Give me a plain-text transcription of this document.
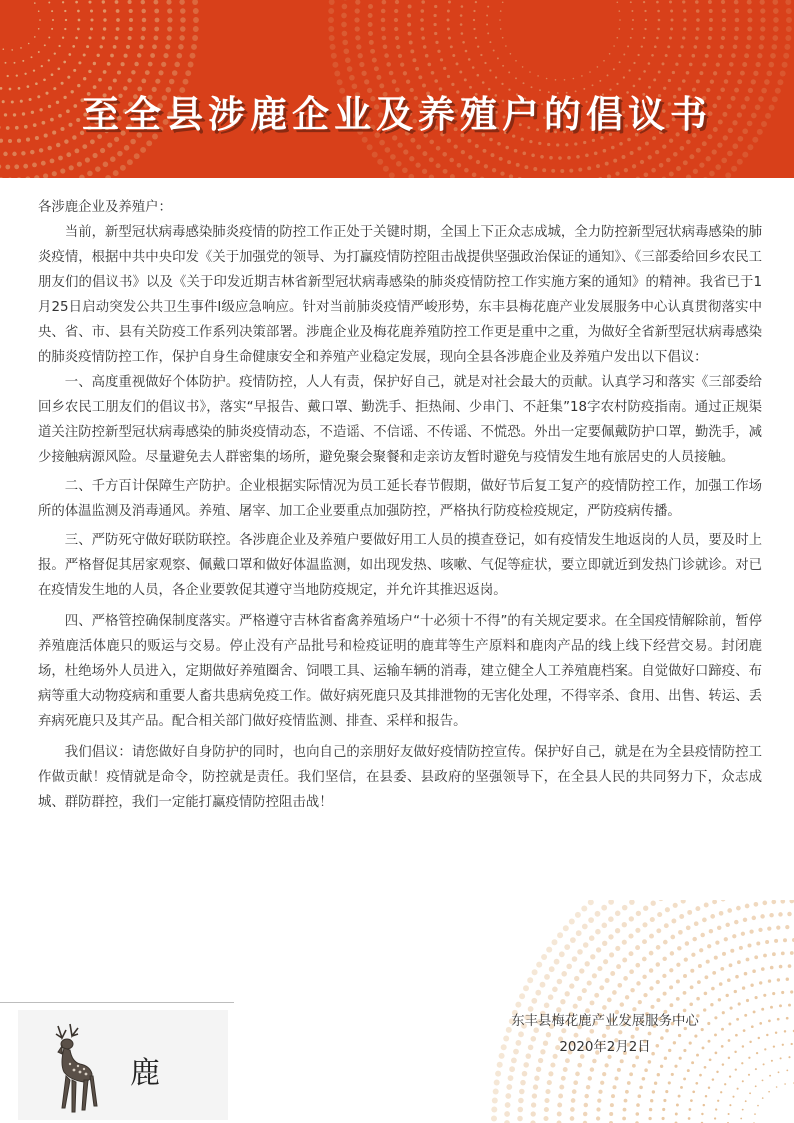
至全县涉鹿企业及养殖户的倡议书

各涉鹿企业及养殖户：

当前，新型冠状病毒感染肺炎疫情的防控工作正处于关键时期，全国上下正众志成城，全力防控新型冠状病毒感染的肺炎疫情，根据中共中央印发《关于加强党的领导、为打赢疫情防控阻击战提供坚强政治保证的通知》、《三部委给回乡农民工朋友们的倡议书》以及《关于印发近期吉林省新型冠状病毒感染的肺炎疫情防控工作实施方案的通知》的精神。我省已于1月25日启动突发公共卫生事件Ⅰ级应急响应。针对当前肺炎疫情严峻形势，东丰县梅花鹿产业发展服务中心认真贯彻落实中央、省、市、县有关防疫工作系列决策部署。涉鹿企业及梅花鹿养殖防控工作更是重中之重，为做好全省新型冠状病毒感染的肺炎疫情防控工作，保护自身生命健康安全和养殖产业稳定发展，现向全县各涉鹿企业及养殖户发出以下倡议：

一、高度重视做好个体防护。疫情防控，人人有责，保护好自己，就是对社会最大的贡献。认真学习和落实《三部委给回乡农民工朋友们的倡议书》，落实“早报告、戴口罩、勤洗手、拒热闹、少串门、不赶集”18字农村防疫指南。通过正规渠道关注防控新型冠状病毒感染的肺炎疫情动态，不造谣、不信谣、不传谣、不慌恐。外出一定要佩戴防护口罩，勤洗手，减少接触病源风险。尽量避免去人群密集的场所，避免聚会聚餐和走亲访友暂时避免与疫情发生地有旅居史的人员接触。

二、千方百计保障生产防护。企业根据实际情况为员工延长春节假期，做好节后复工复产的疫情防控工作，加强工作场所的体温监测及消毒通风。养殖、屠宰、加工企业要重点加强防控，严格执行防疫检疫规定，严防疫病传播。

三、严防死守做好联防联控。各涉鹿企业及养殖户要做好用工人员的摸查登记，如有疫情发生地返岗的人员，要及时上报。严格督促其居家观察、佩戴口罩和做好体温监测，如出现发热、咳嗽、气促等症状，要立即就近到发热门诊就诊。对已在疫情发生地的人员，各企业要敦促其遵守当地防疫规定，并允许其推迟返岗。

四、严格管控确保制度落实。严格遵守吉林省畜禽养殖场户“十必须十不得”的有关规定要求。在全国疫情解除前，暂停养殖鹿活体鹿只的贩运与交易。停止没有产品批号和检疫证明的鹿茸等生产原料和鹿肉产品的线上线下经营交易。封闭鹿场，杜绝场外人员进入，定期做好养殖圈舍、饲喂工具、运输车辆的消毒，建立健全人工养殖鹿档案。自觉做好口蹄疫、布病等重大动物疫病和重要人畜共患病免疫工作。做好病死鹿只及其排泄物的无害化处理，不得宰杀、食用、出售、转运、丢弃病死鹿只及其产品。配合相关部门做好疫情监测、排查、采样和报告。

我们倡议：请您做好自身防护的同时，也向自己的亲朋好友做好疫情防控宣传。保护好自己，就是在为全县疫情防控工作做贡献！疫情就是命令，防控就是责任。我们坚信，在县委、县政府的坚强领导下，在全县人民的共同努力下，众志成城、群防群控，我们一定能打赢疫情防控阻击战！

鹿
东丰县梅花鹿产业发展服务中心
2020年2月2日
